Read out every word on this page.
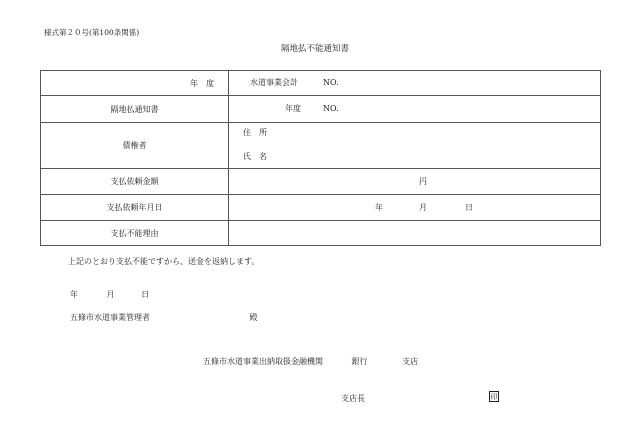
様式第２０号(第100条関係)
隔地払不能通知書
年　度	水道事業会計 NO.

隔地払通知書	年度 NO.

債権者	住　所
氏　名

支払依頼金額	円

支払依頼年月日	年 月 日

支払不能理由	
上記のとおり支払不能ですから、送金を返納します。
年	月	日
五條市水道事業管理者	殿
五條市水道事業出納取扱金融機関	銀行	支店
支店長	印
